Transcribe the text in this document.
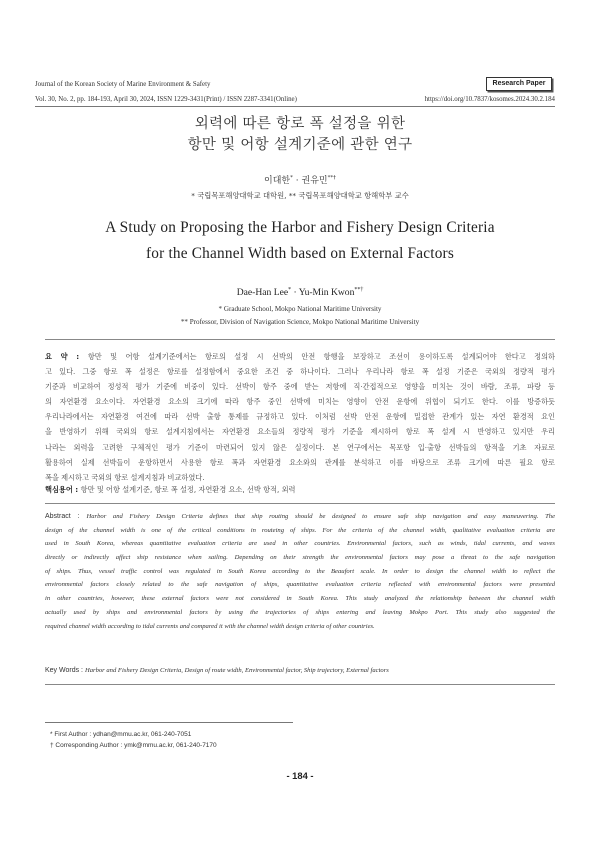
Journal of the Korean Society of Marine Environment & Safety	Research Paper
Vol. 30, No. 2, pp. 184-193, April 30, 2024, ISSN 1229-3431(Print) / ISSN 2287-3341(Online)	https://doi.org/10.7837/kosomes.2024.30.2.184
외력에 따른 항로 폭 설정을 위한
항만 및 어항 설계기준에 관한 연구
이대한* · 권유민**†
* 국립목포해양대학교 대학원, ** 국립목포해양대학교 항해학부 교수
A Study on Proposing the Harbor and Fishery Design Criteria
for the Channel Width based on External Factors
Dae-Han Lee* · Yu-Min Kwon**†
* Graduate School, Mokpo National Maritime University
** Professor, Division of Navigation Science, Mokpo National Maritime University
요 약 : 항만 및 어항 설계기준에서는 항로의 설정 시 선박의 안전 항행을 보장하고 조선이 용이하도록 설계되어야 한다고 정의하
고 있다. 그중 항로 폭 설정은 항로를 설정함에서 중요한 조건 중 하나이다. 그러나 우리나라 항로 폭 설정 기준은 국외의 정량적 평가
기준과 비교하여 정성적 평가 기준에 비중이 있다. 선박이 항주 중에 받는 저항에 직·간접적으로 영향을 미치는 것이 바람, 조류, 파랑 등
의 자연환경 요소이다. 자연환경 요소의 크기에 따라 항주 중인 선박에 미치는 영향이 안전 운항에 위협이 되기도 한다. 이를 방증하듯
우리나라에서는 자연환경 여건에 따라 선박 출항 통제를 규정하고 있다. 이처럼 선박 안전 운항에 밀접한 관계가 있는 자연 환경적 요인
을 반영하기 위해 국외의 항로 설계지침에서는 자연환경 요소들의 정량적 평가 기준을 제시하여 항로 폭 설계 시 반영하고 있지만 우리
나라는 외력을 고려한 구체적인 평가 기준이 마련되어 있지 않은 실정이다. 본 연구에서는 목포항 입·출항 선박들의 항적을 기초 자료로
활용하여 실제 선박들이 운항하면서 사용한 항로 폭과 자연환경 요소와의 관계를 분석하고 이를 바탕으로 조류 크기에 따른 필요 항로
폭을 제시하고 국외의 항로 설계지침과 비교하였다.
핵심용어 : 항만 및 어항 설계기준, 항로 폭 설정, 자연환경 요소, 선박 항적, 외력
Abstract : Harbor and Fishery Design Criteria defines that ship routing should be designed to ensure safe ship navigation and easy maneuvering. The
design of the channel width is one of the critical conditions in routeing of ships. For the criteria of the channel width, qualitative evaluation criteria are
used in South Korea, whereas quantitative evaluation criteria are used in other countries. Environmental factors, such as winds, tidal currents, and waves
directly or indirectly affect ship resistance when sailing. Depending on their strength the environmental factors may pose a threat to the safe navigation
of ships. Thus, vessel traffic control was regulated in South Korea according to the Beaufort scale. In order to design the channel width to reflect the
environmental factors closely related to the safe navigation of ships, quantitative evaluation criteria reflected with environmental factors were presented
in other countries, however, these external factors were not considered in South Korea. This study analyzed the relationship between the channel width
actually used by ships and environmental factors by using the trajectories of ships entering and leaving Mokpo Port. This study also suggested the
required channel width according to tidal currents and compared it with the channel width design criteria of other countries.
Key Words : Harbor and Fishery Design Criteria, Design of route width, Environmental factor, Ship trajectory, External factors
* First Author : ydhan@mmu.ac.kr, 061-240-7051
† Corresponding Author : ymk@mmu.ac.kr, 061-240-7170
- 184 -
